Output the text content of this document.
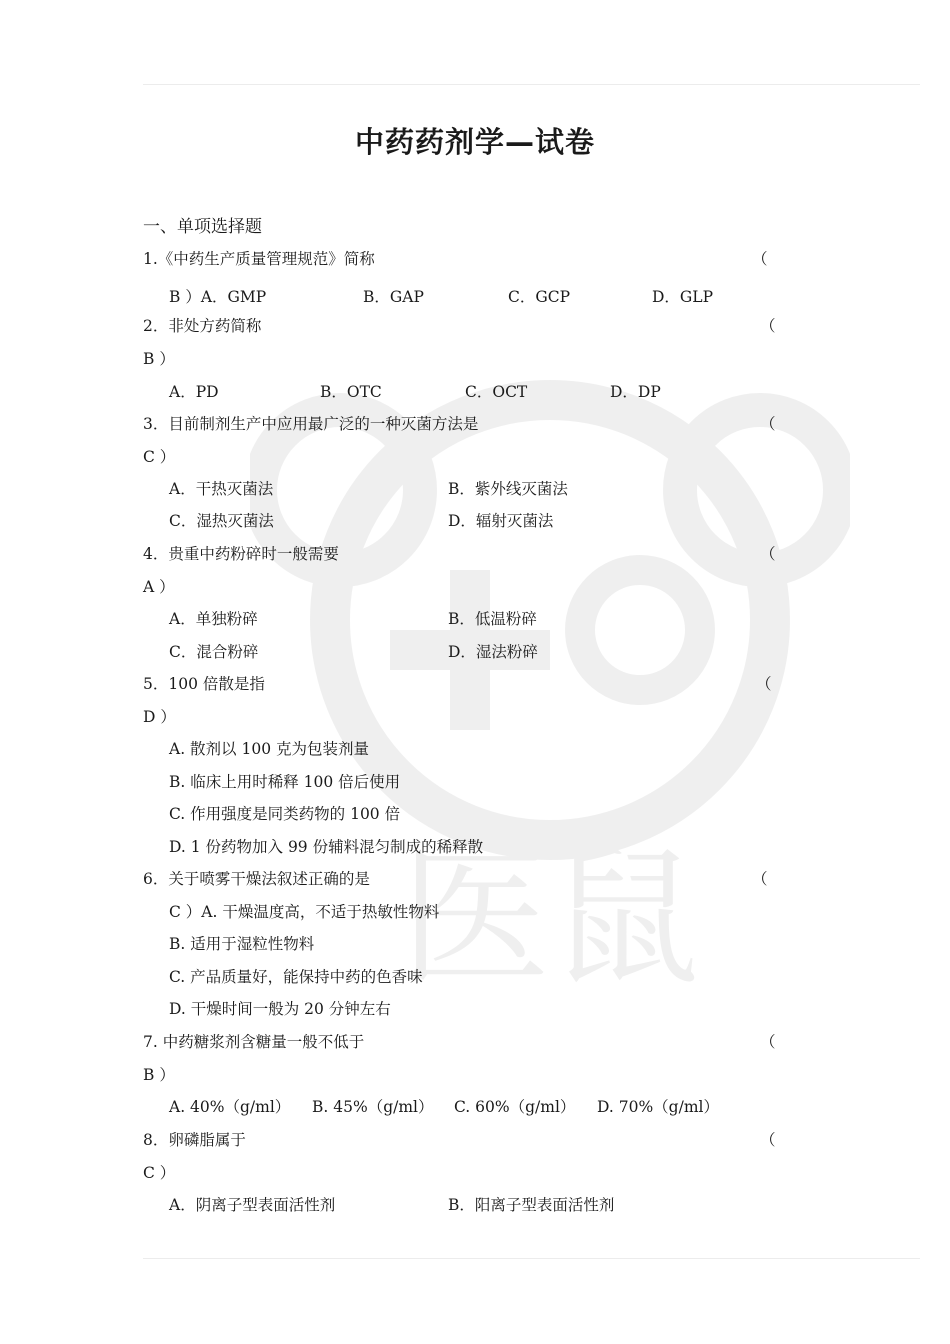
医鼠
中药药剂学—试卷
一、单项选择题
1.《中药生产质量管理规范》简称	（
B ）A．GMP	B．GAP	C．GCP	D．GLP
2．非处方药简称	（
B ）
A．PD	B．OTC	C．OCT	D．DP
3．目前制剂生产中应用最广泛的一种灭菌方法是	（
C ）
A．干热灭菌法	B．紫外线灭菌法
C．湿热灭菌法	D．辐射灭菌法
4．贵重中药粉碎时一般需要	（
A ）
A．单独粉碎	B．低温粉碎
C．混合粉碎	D．湿法粉碎
5．100 倍散是指	（
D ）
A. 散剂以 100 克为包装剂量
B. 临床上用时稀释 100 倍后使用
C. 作用强度是同类药物的 100 倍
D. 1 份药物加入 99 份辅料混匀制成的稀释散
6．关于喷雾干燥法叙述正确的是	（
C ）A. 干燥温度高，不适于热敏性物料
B. 适用于湿粒性物料
C. 产品质量好，能保持中药的色香味
D. 干燥时间一般为 20 分钟左右
7. 中药糖浆剂含糖量一般不低于	（
B ）
A. 40%（g/ml） B. 45%（g/ml） C. 60%（g/ml） D. 70%（g/ml）
8．卵磷脂属于	（
C ）
A．阴离子型表面活性剂	B．阳离子型表面活性剂
